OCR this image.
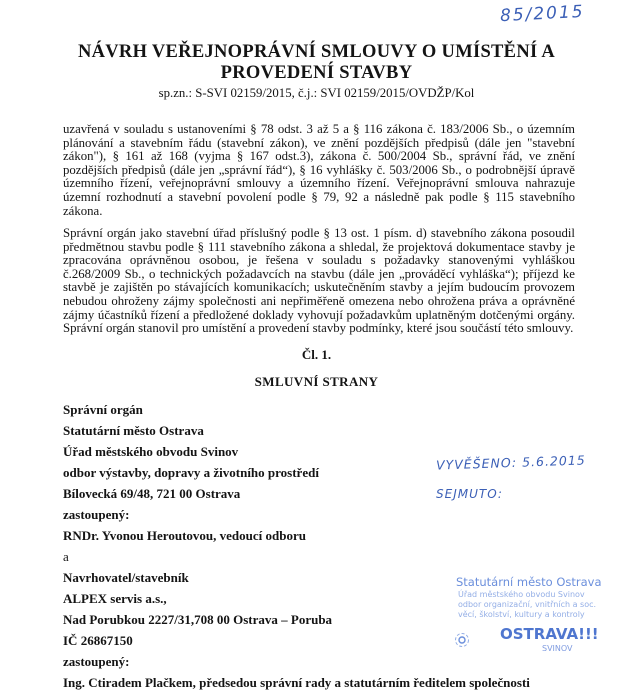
85/2015
NÁVRH VEŘEJNOPRÁVNÍ SMLOUVY O UMÍSTĚNÍ A
PROVEDENÍ STAVBY
sp.zn.: S-SVI 02159/2015, č.j.: SVI 02159/2015/OVDŽP/Kol
uzavřená v souladu s ustanoveními § 78 odst. 3 až 5 a § 116 zákona č. 183/2006 Sb., o územním plánování a stavebním řádu (stavební zákon), ve znění pozdějších předpisů (dále jen "stavební zákon"), § 161 až 168 (vyjma § 167 odst.3), zákona č. 500/2004 Sb., správní řád, ve znění pozdějších předpisů (dále jen „správní řád“), § 16 vyhlášky č. 503/2006 Sb., o podrobnější úpravě územního řízení, veřejnoprávní smlouvy a územního řízení. Veřejnoprávní smlouva nahrazuje územní rozhodnutí a stavební povolení podle § 79, 92 a následně pak podle § 115 stavebního zákona.
Správní orgán jako stavební úřad příslušný podle § 13 ost. 1 písm. d) stavebního zákona posoudil předmětnou stavbu podle § 111 stavebního zákona a shledal, že projektová dokumentace stavby je zpracována oprávněnou osobou, je řešena v souladu s požadavky stanovenými vyhláškou č.268/2009 Sb., o technických požadavcích na stavbu (dále jen „prováděcí vyhláška“); příjezd ke stavbě je zajištěn po stávajících komunikacích; uskutečněním stavby a jejím budoucím provozem nebudou ohroženy zájmy společnosti ani nepřiměřeně omezena nebo ohrožena práva a oprávněné zájmy účastníků řízení a předložené doklady vyhovují požadavkům uplatněným dotčenými orgány. Správní orgán stanovil pro umístění a provedení stavby podmínky, které jsou součástí této smlouvy.
Čl. 1.
SMLUVNÍ STRANY
Správní orgán
Statutární město Ostrava
Úřad městského obvodu Svinov
odbor výstavby, dopravy a životního prostředí
Bílovecká 69/48, 721 00 Ostrava
zastoupený:
RNDr. Yvonou Heroutovou, vedoucí odboru
a
Navrhovatel/stavebník
ALPEX servis a.s.,
Nad Porubkou 2227/31,708 00 Ostrava – Poruba
IČ 26867150
zastoupený:
Ing. Ctiradem Plačkem, předsedou správní rady a statutárním ředitelem společnosti
VYVĚŠENO: 5.6.2015
SEJMUTO:
Statutární město Ostrava
Úřad městského obvodu Svinov
odbor organizační, vnitřních a soc.
věcí, školství, kultury a kontroly
OSTRAVA!!!
SVINOV
